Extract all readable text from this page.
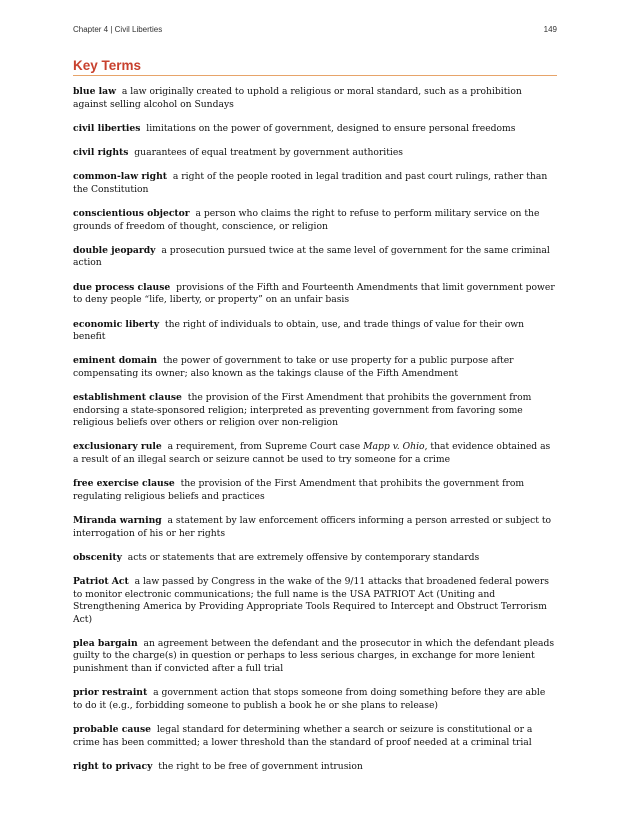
Chapter 4 | Civil Liberties	149
Key Terms

blue law a law originally created to uphold a religious or moral standard, such as a prohibition against selling alcohol on Sundays

civil liberties limitations on the power of government, designed to ensure personal freedoms

civil rights guarantees of equal treatment by government authorities

common-law right a right of the people rooted in legal tradition and past court rulings, rather than the Constitution

conscientious objector a person who claims the right to refuse to perform military service on the grounds of freedom of thought, conscience, or religion

double jeopardy a prosecution pursued twice at the same level of government for the same criminal action

due process clause provisions of the Fifth and Fourteenth Amendments that limit government power to deny people “life, liberty, or property” on an unfair basis

economic liberty the right of individuals to obtain, use, and trade things of value for their own benefit

eminent domain the power of government to take or use property for a public purpose after compensating its owner; also known as the takings clause of the Fifth Amendment

establishment clause the provision of the First Amendment that prohibits the government from endorsing a state-sponsored religion; interpreted as preventing government from favoring some religious beliefs over others or religion over non-religion

exclusionary rule a requirement, from Supreme Court case Mapp v. Ohio, that evidence obtained as a result of an illegal search or seizure cannot be used to try someone for a crime

free exercise clause the provision of the First Amendment that prohibits the government from regulating religious beliefs and practices

Miranda warning a statement by law enforcement officers informing a person arrested or subject to interrogation of his or her rights

obscenity acts or statements that are extremely offensive by contemporary standards

Patriot Act a law passed by Congress in the wake of the 9/11 attacks that broadened federal powers to monitor electronic communications; the full name is the USA PATRIOT Act (Uniting and Strengthening America by Providing Appropriate Tools Required to Intercept and Obstruct Terrorism Act)

plea bargain an agreement between the defendant and the prosecutor in which the defendant pleads guilty to the charge(s) in question or perhaps to less serious charges, in exchange for more lenient punishment than if convicted after a full trial

prior restraint a government action that stops someone from doing something before they are able to do it (e.g., forbidding someone to publish a book he or she plans to release)

probable cause legal standard for determining whether a search or seizure is constitutional or a crime has been committed; a lower threshold than the standard of proof needed at a criminal trial

right to privacy the right to be free of government intrusion
